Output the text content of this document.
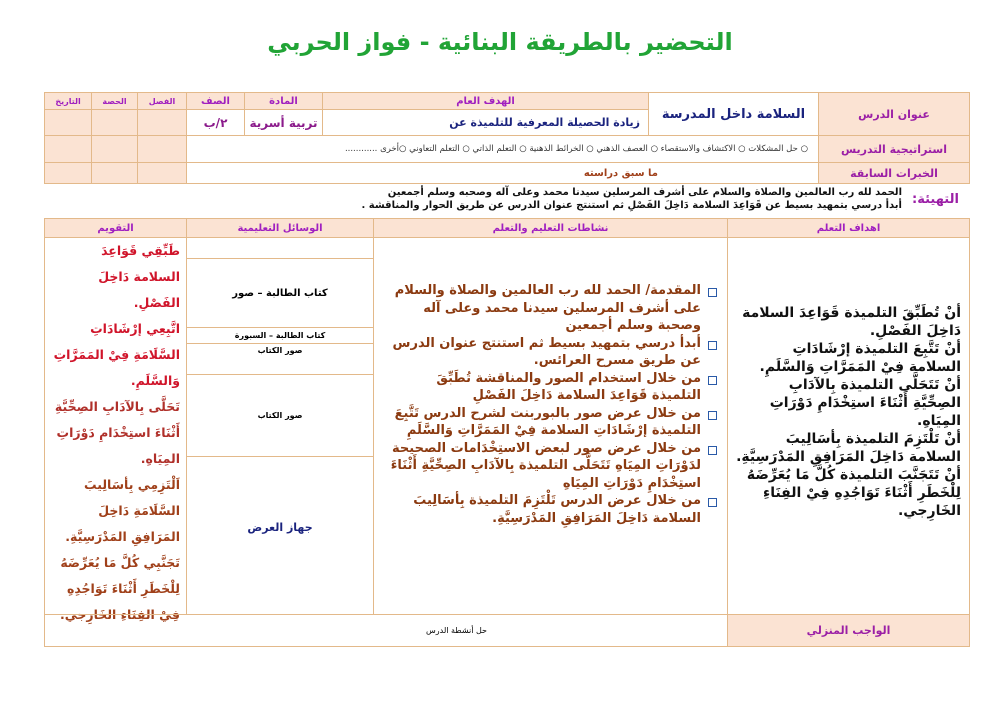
التحضير بالطريقة البنائية - فواز الحربي
عنوان الدرس
السلامة داخل المدرسة
الهدف العام
زيادة الحصيلة المعرفية للتلميذة عن
المادة
تربية أسرية
الصف
٢/ب
الفصل
الحصة
التاريخ
استراتيجية التدريس
○ حل المشكلات ○ الاكتشاف والاستقصاء ○ العصف الذهني ○ الخرائط الذهنية ○ التعلم الذاتي ○ التعلم التعاوني ○أخرى ............
الخبرات السابقة
ما سبق دراسته
التهيئة:
الحمد لله رب العالمين والصلاة والسلام على أشرف المرسلين سيدنا محمد وعلى آله وصحبه وسلم أجمعين
أبدأ درسي بتمهيد بسيط عن قَوَاعِدَ السلامة دَاخِلَ الفَصْلِ ثم استنتج عنوان الدرس عن طريق الحوار والمناقشة .
اهداف التعلم
نشاطات التعليم والتعلم
الوسائل التعليمية
التقويم
أنْ تُطَبِّقَ التلميذة قَوَاعِدَ السلامة دَاخِلَ الفَصْلِ.
أنْ تَتَّبِعَ التلميذة إرْشَادَاتِ السلامة فِيْ المَمَرَّاتِ وَالسَّلَمِ.
أنْ تَتَحَلَّى التلميذة بِالآدَابِ الصِحِّيَّةِ أَثْنَاءَ استِخْدَامِ دَوْرَاتِ المِيَاهِ.
أنْ تَلْتَزِمَ التلميذة بِأسَالِيبَ السلامة دَاخِلَ المَرَافِقِ المَدْرَسِيَّةِ.
أنْ تَتَجَنَّبَ التلميذة كُلَّ مَا يُعَرِّضَهُ لِلْخَطَرِ أَثْنَاءَ تَوَاجُدِهِ فِيْ الفِنَاءِ الخَارِجي.
المقدمة/ الحمد لله رب العالمين والصلاة والسلام على أشرف المرسلين سيدنا محمد وعلى آله وصحبة وسلم أجمعين
أبدأ درسي بتمهيد بسيط ثم استنتج عنوان الدرس عن طريق مسرح العرائس.
من خلال استخدام الصور والمناقشة تُطَبِّقَ التلميذة قَوَاعِدَ السلامة دَاخِلَ الفَصْلِ
من خلال عرض صور بالبوربنت لشرح الدرس تَتَّبِعَ التلميذة إرْشَادَاتِ السلامة فِيْ المَمَرَّاتِ وَالسَّلَمِ
من خلال عرض صور لبعض الاستِخْدَامات الصحيحة لدَوْرَاتِ المِيَاهِ تَتَحَلَّى التلميذة بِالآدَابِ الصِحِّيَّةِ أَثْنَاءَ استِخْدَامِ دَوْرَاتِ المِيَاهِ
من خلال عرض الدرس تَلْتَزِمَ التلميذة بِأسَالِيبَ السلامة دَاخِلَ المَرَافِقِ المَدْرَسِيَّةِ.
كتاب الطالبة – صور
كتاب الطالبة – السبورة
صور الكتاب
صور الكتاب
جهاز العرض
طَبِّقِي قَوَاعِدَ السلامة دَاخِلَ الفَصْلِ.
اتَّبِعِي إرْشَادَاتِ السَّلَامَةِ فِيْ المَمَرَّاتِ وَالسَّلَمِ.
تَحَلَّى بِالآدَابِ الصِحِّيَّةِ أَثْنَاءَ استِخْدَامِ دَوْرَاتِ المِيَاهِ.
اَلْتَزِمِي بِأسَالِيبَ السَّلَامَةِ دَاخِلَ المَرَافِقِ المَدْرَسِيَّةِ.
تَجَنَّبِي كُلَّ مَا يُعَرِّضَهُ لِلْخَطَرِ أَثْنَاءَ تَوَاجُدِهِ فِيْ الفِنَاءِ الخَارِجي.
الواجب المنزلي
حل أنشطة الدرس
